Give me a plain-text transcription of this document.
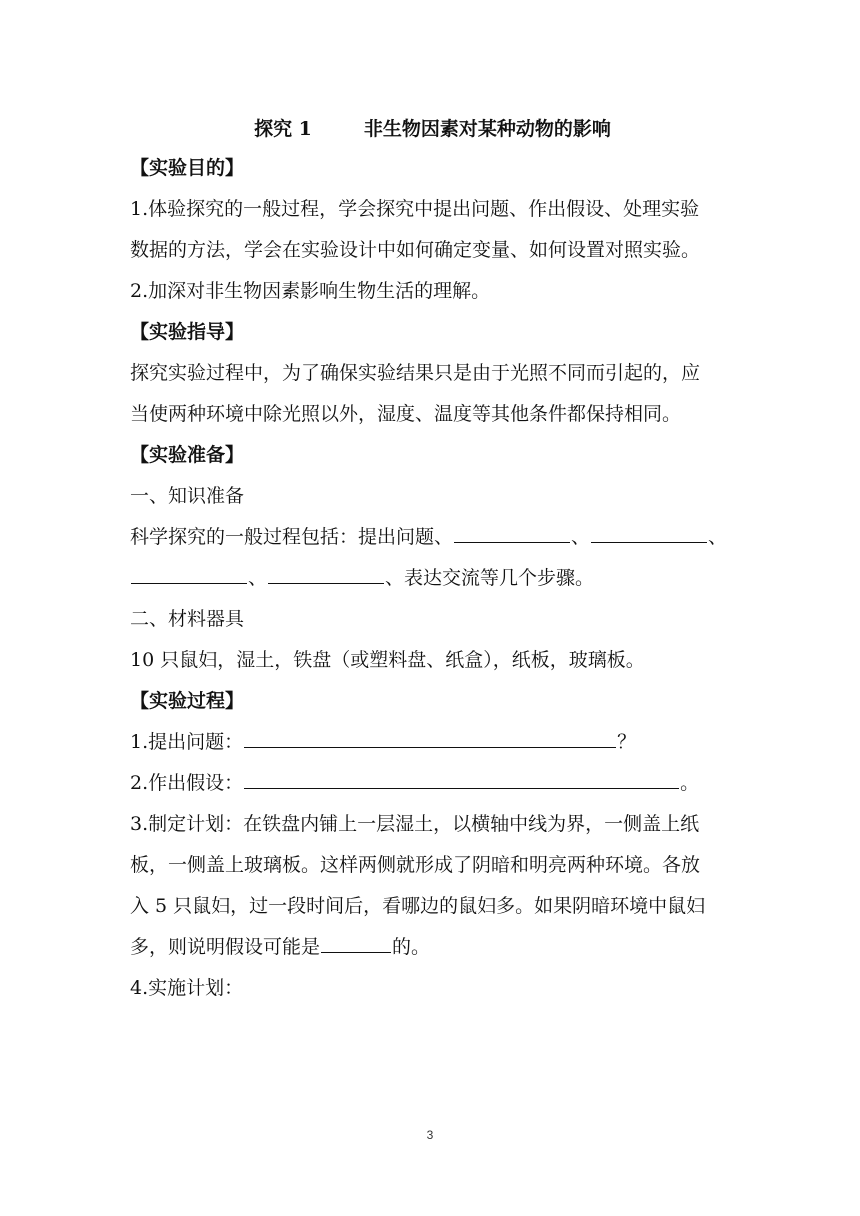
探究 1	非生物因素对某种动物的影响
【实验目的】
1.体验探究的一般过程，学会探究中提出问题、作出假设、处理实验
数据的方法，学会在实验设计中如何确定变量、如何设置对照实验。
2.加深对非生物因素影响生物生活的理解。
【实验指导】
探究实验过程中，为了确保实验结果只是由于光照不同而引起的，应
当使两种环境中除光照以外，湿度、温度等其他条件都保持相同。
【实验准备】
一、知识准备
科学探究的一般过程包括：提出问题、	、	、
、	、表达交流等几个步骤。
二、材料器具
10 只鼠妇，湿土，铁盘（或塑料盘、纸盒），纸板，玻璃板。
【实验过程】
1.提出问题：	？
2.作出假设：	。
3.制定计划：在铁盘内铺上一层湿土，以横轴中线为界，一侧盖上纸
板，一侧盖上玻璃板。这样两侧就形成了阴暗和明亮两种环境。各放
入 5 只鼠妇，过一段时间后，看哪边的鼠妇多。如果阴暗环境中鼠妇
多，则说明假设可能是	的。
4.实施计划：
3
